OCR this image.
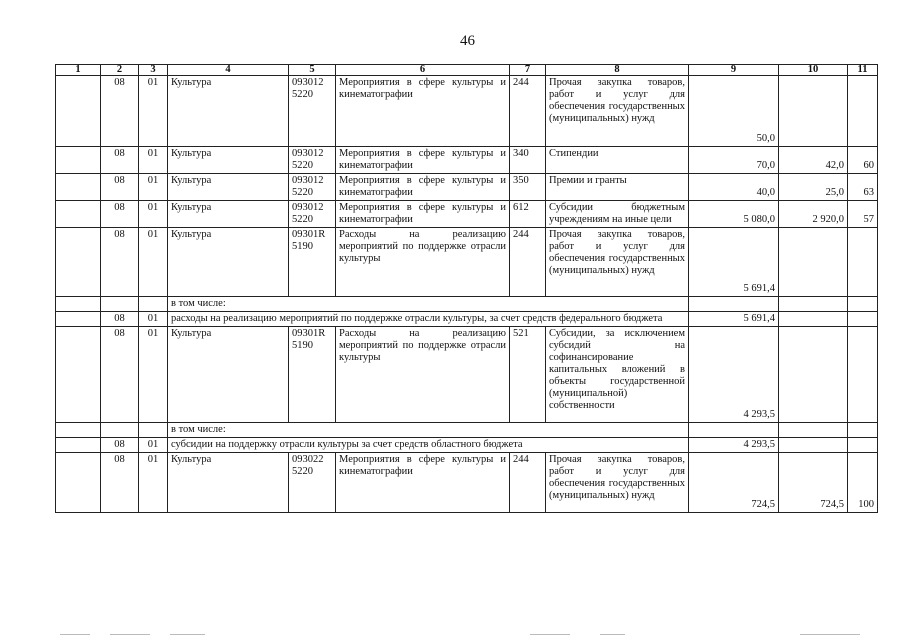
46
1	2	3	4	5	6	7	8	9	10	11
	08	01	Культура	093012 5220	Мероприятия в сфере культуры и кинематографии	244	Прочая закупка товаров, работ и услуг для обеспечения государственных (муниципальных) нужд	50,0		
	08	01	Культура	093012 5220	Мероприятия в сфере культуры и кинематографии	340	Стипендии	70,0	42,0	60
	08	01	Культура	093012 5220	Мероприятия в сфере культуры и кинематографии	350	Премии и гранты	40,0	25,0	63
	08	01	Культура	093012 5220	Мероприятия в сфере культуры и кинематографии	612	Субсидии бюджетным учреждениям на иные цели	5 080,0	2 920,0	57
	08	01	Культура	09301R 5190	Расходы на реализацию мероприятий по поддержке отрасли культуры	244	Прочая закупка товаров, работ и услуг для обеспечения государственных (муниципальных) нужд	5 691,4		
			в том числе:							
	08	01	расходы на реализацию мероприятий по поддержке отрасли культуры, за счет средств федерального бюджета					5 691,4		
	08	01	Культура	09301R 5190	Расходы на реализацию мероприятий по поддержке отрасли культуры	521	Субсидии, за исключением субсидий на софинансирование капитальных вложений в объекты государственной (муниципальной) собственности	4 293,5		
			в том числе:							
	08	01	субсидии на поддержку отрасли культуры за счет средств областного бюджета					4 293,5		
	08	01	Культура	093022 5220	Мероприятия в сфере культуры и кинематографии	244	Прочая закупка товаров, работ и услуг для обеспечения государственных (муниципальных) нужд	724,5	724,5	100
